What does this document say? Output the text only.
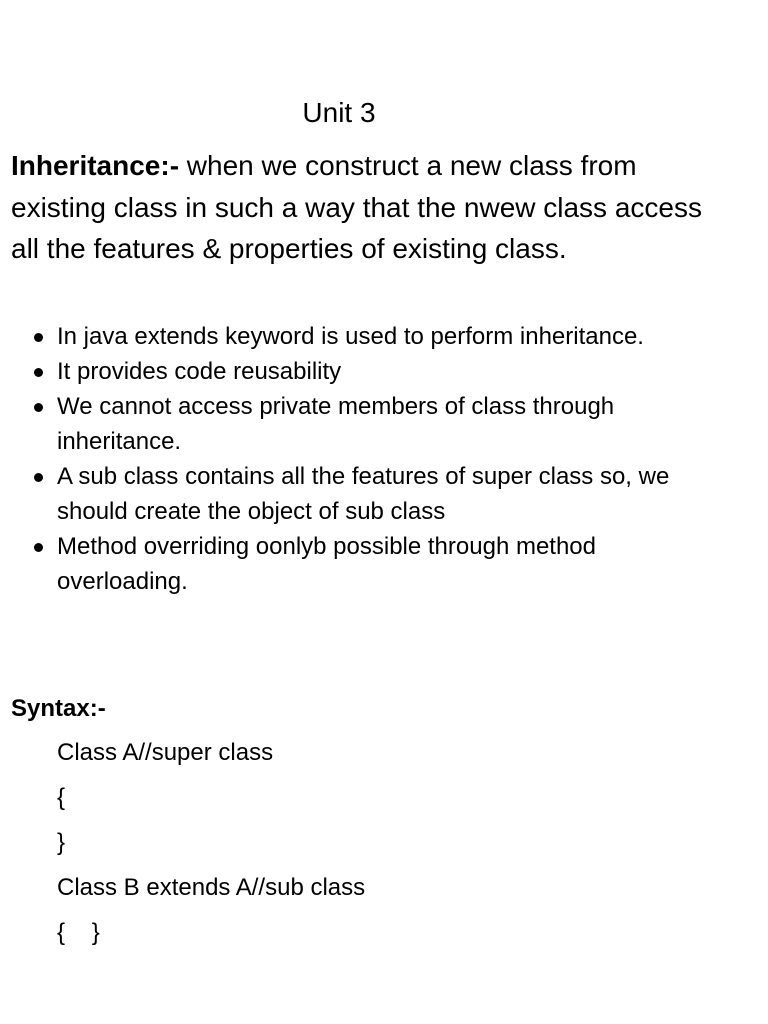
Unit 3
Inheritance:- when we construct a new class from existing class in such a way that the nwew class access all the features & properties of existing class.
In java extends keyword is used to perform inheritance.
It provides code reusability
We cannot access private members of class through inheritance.
A sub class contains all the features of super class so, we should create the object of sub class
Method overriding oonlyb possible through method overloading.
Syntax:-
Class A//super class
{
}
Class B extends A//sub class
{    }
